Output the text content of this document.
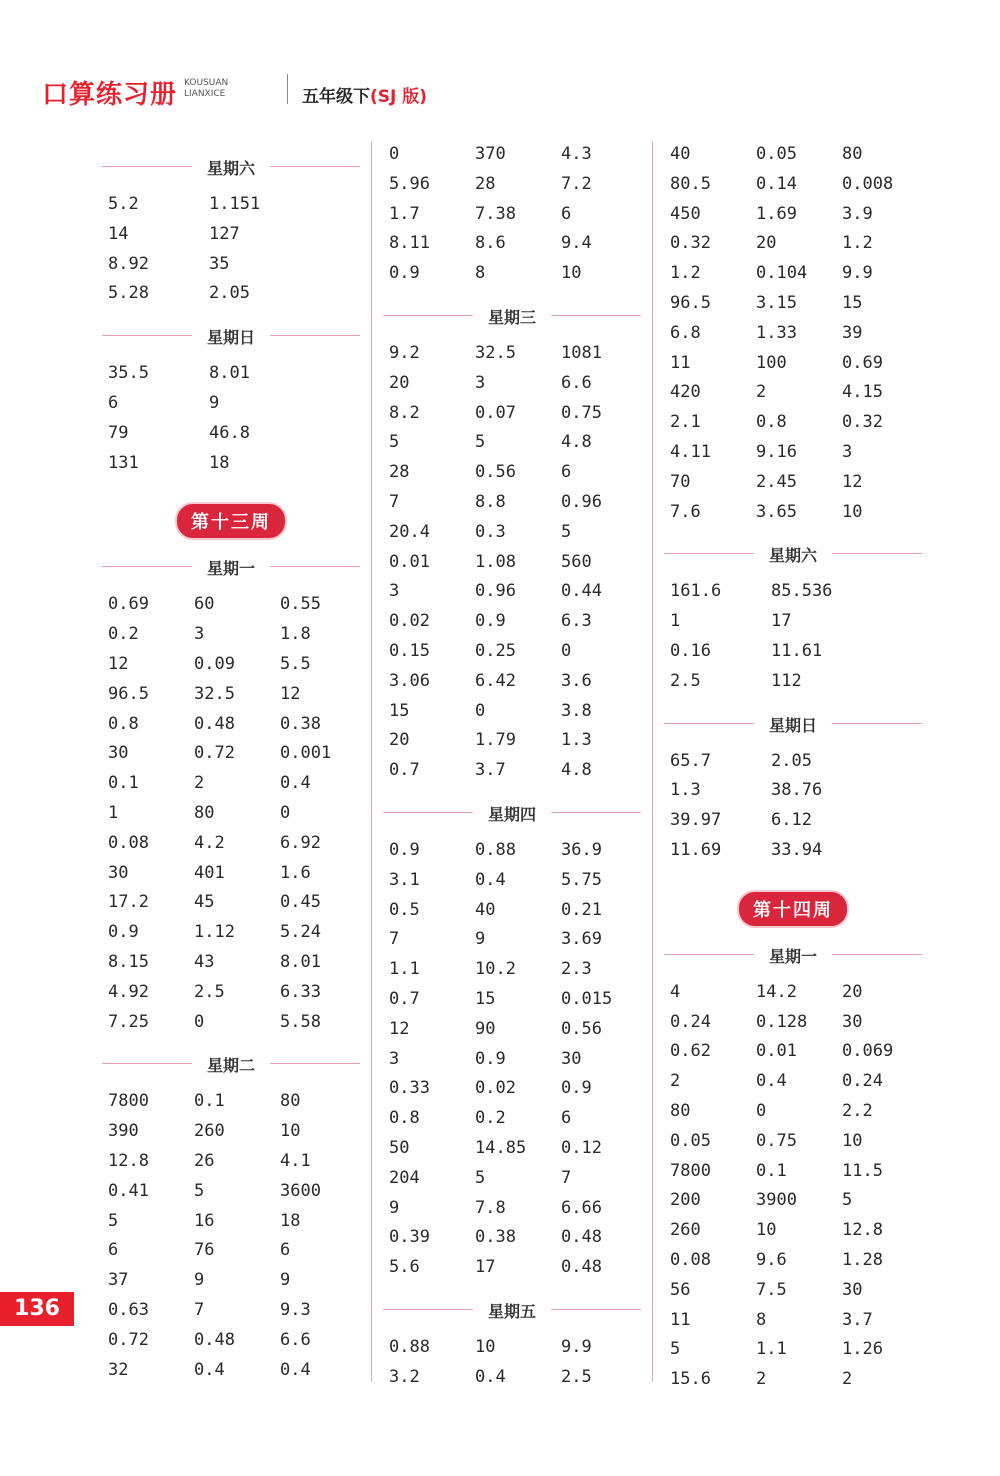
口算练习册 KOUSUAN
LIANXICE	五年级下(SJ 版)
星期六
5.2	1.151
14	127
8.92	35
5.28	2.05
星期日
35.5	8.01
6	9
79	46.8
131	18
第十三周
星期一
0.69	60	0.55
0.2	3	1.8
12	0.09	5.5
96.5	32.5	12
0.8	0.48	0.38
30	0.72	0.001
0.1	2	0.4
1	80	0
0.08	4.2	6.92
30	401	1.6
17.2	45	0.45
0.9	1.12	5.24
8.15	43	8.01
4.92	2.5	6.33
7.25	0	5.58
星期二
7800	0.1	80
390	260	10
12.8	26	4.1
0.41	5	3600
5	16	18
6	76	6
37	9	9
0.63	7	9.3
0.72	0.48	6.6
32	0.4	0.4
0	370	4.3
5.96	28	7.2
1.7	7.38	6
8.11	8.6	9.4
0.9	8	10
星期三
9.2	32.5	1081
20	3	6.6
8.2	0.07	0.75
5	5	4.8
28	0.56	6
7	8.8	0.96
20.4	0.3	5
0.01	1.08	560
3	0.96	0.44
0.02	0.9	6.3
0.15	0.25	0
3.06	6.42	3.6
15	0	3.8
20	1.79	1.3
0.7	3.7	4.8
星期四
0.9	0.88	36.9
3.1	0.4	5.75
0.5	40	0.21
7	9	3.69
1.1	10.2	2.3
0.7	15	0.015
12	90	0.56
3	0.9	30
0.33	0.02	0.9
0.8	0.2	6
50	14.85	0.12
204	5	7
9	7.8	6.66
0.39	0.38	0.48
5.6	17	0.48
星期五
0.88	10	9.9
3.2	0.4	2.5
40	0.05	80
80.5	0.14	0.008
450	1.69	3.9
0.32	20	1.2
1.2	0.104	9.9
96.5	3.15	15
6.8	1.33	39
11	100	0.69
420	2	4.15
2.1	0.8	0.32
4.11	9.16	3
70	2.45	12
7.6	3.65	10
星期六
161.6	85.536
1	17
0.16	11.61
2.5	112
星期日
65.7	2.05
1.3	38.76
39.97	6.12
11.69	33.94
第十四周
星期一
4	14.2	20
0.24	0.128	30
0.62	0.01	0.069
2	0.4	0.24
80	0	2.2
0.05	0.75	10
7800	0.1	11.5
200	3900	5
260	10	12.8
0.08	9.6	1.28
56	7.5	30
11	8	3.7
5	1.1	1.26
15.6	2	2
136
